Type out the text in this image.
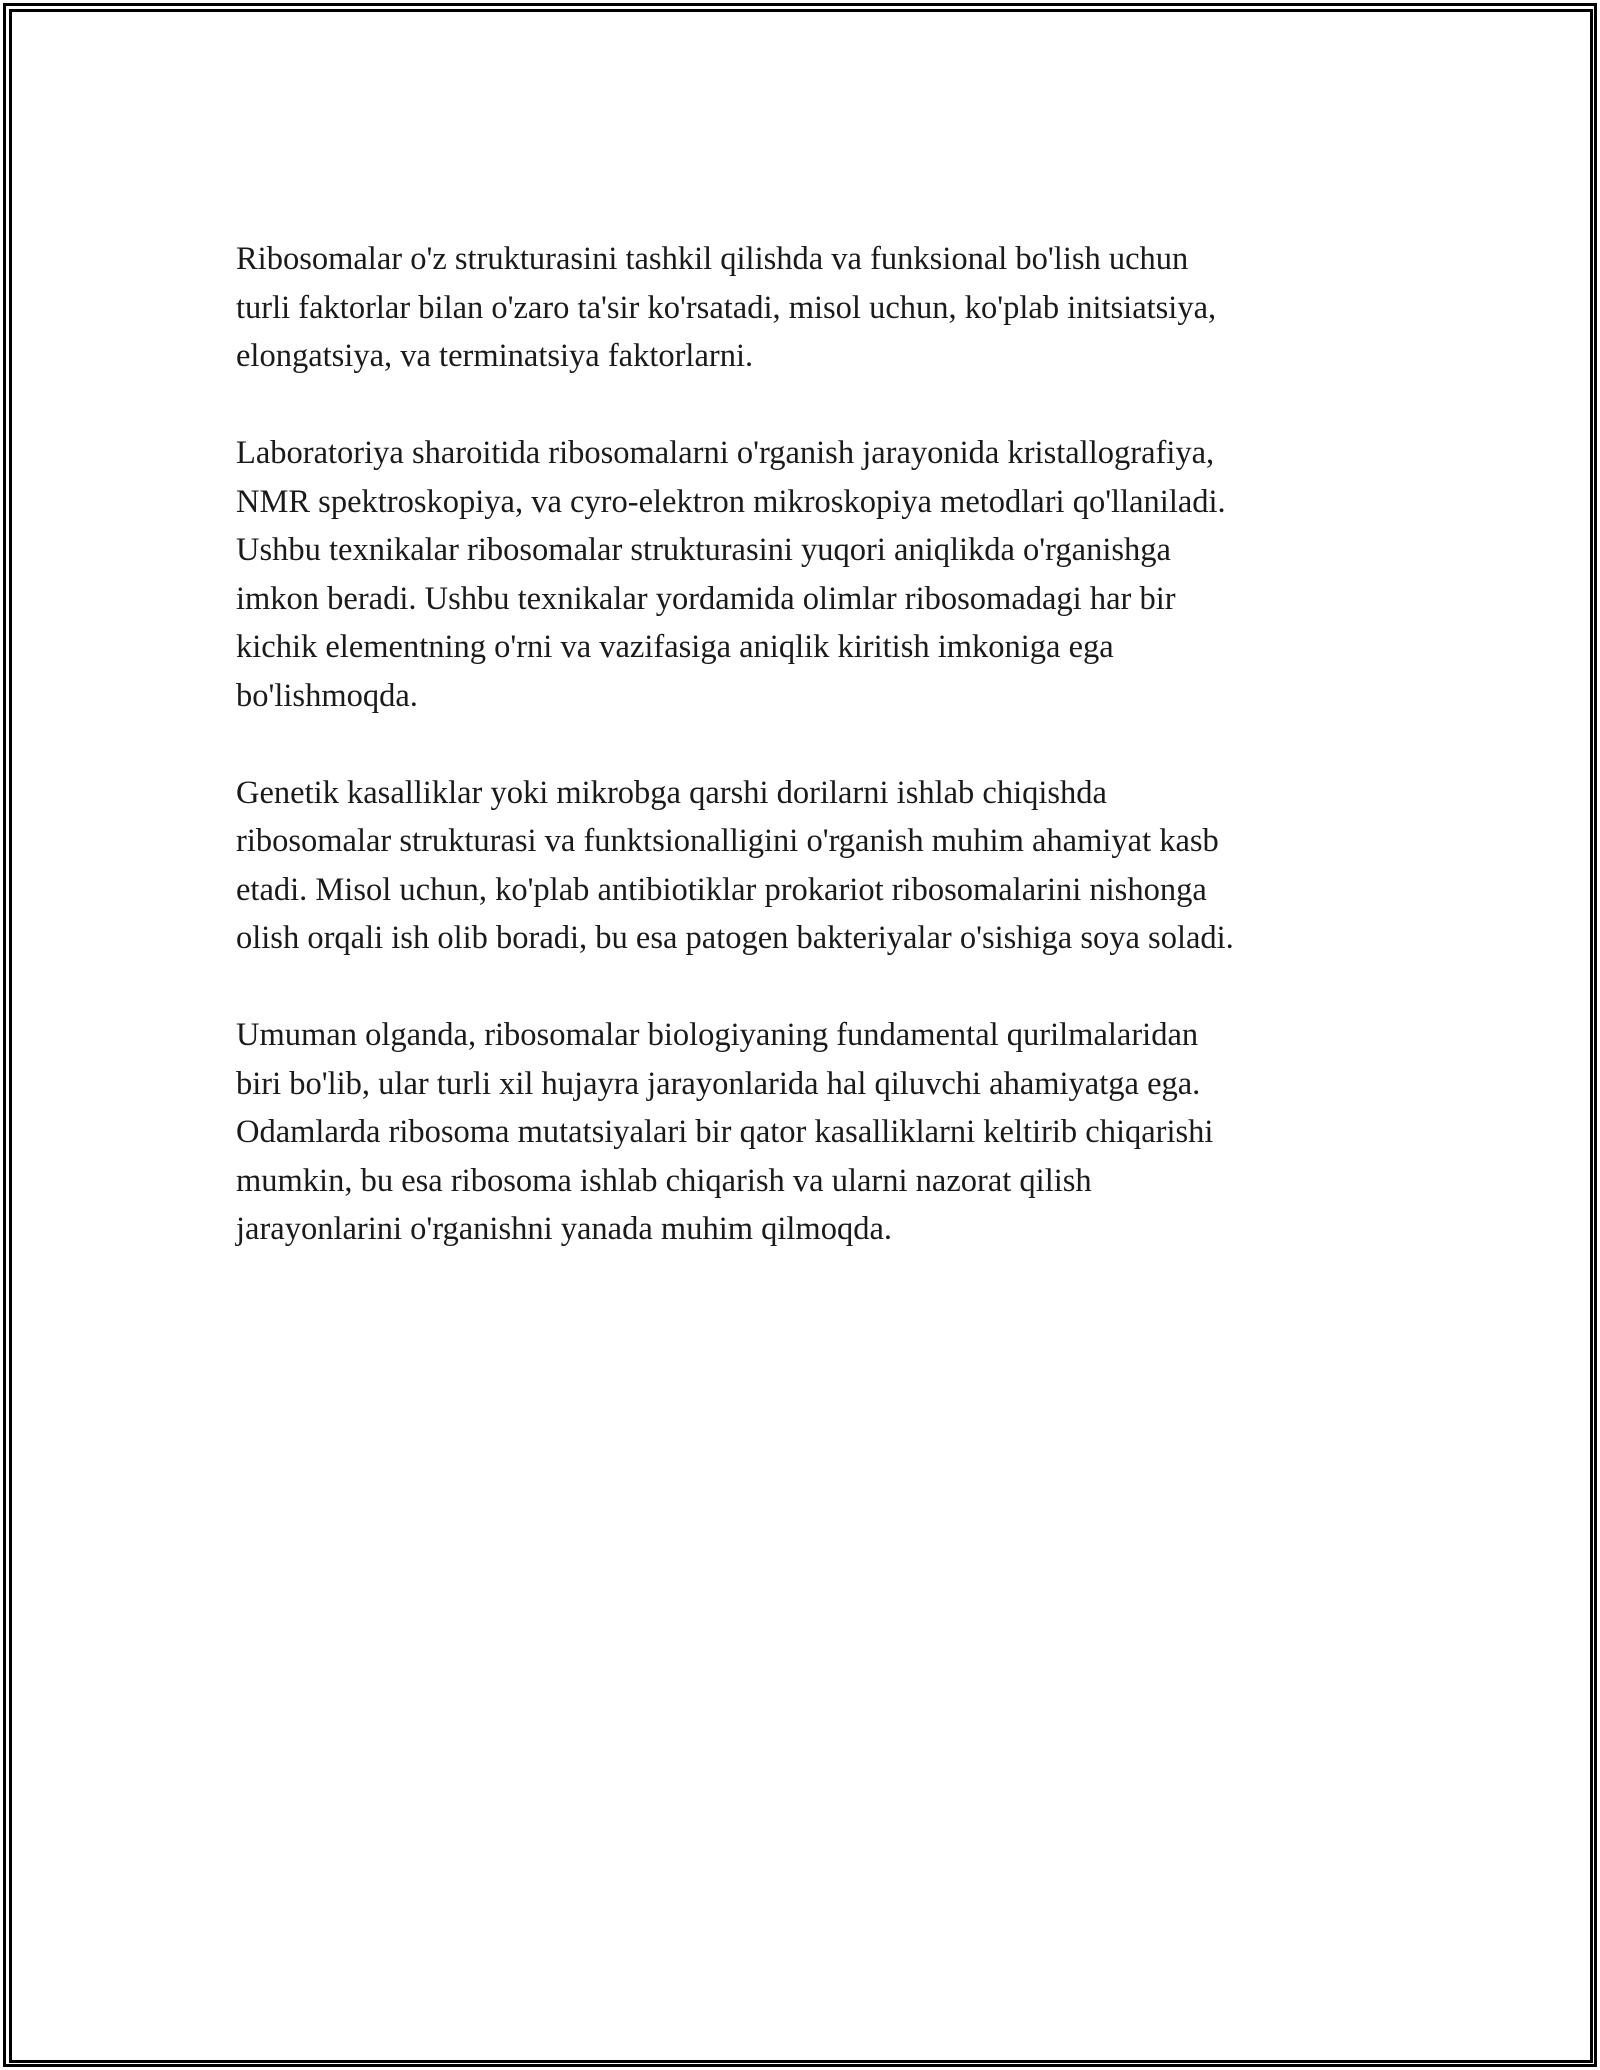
Ribosomalar o'z strukturasini tashkil qilishda va funksional bo'lish uchun
turli faktorlar bilan o'zaro ta'sir ko'rsatadi, misol uchun, ko'plab initsiatsiya,
elongatsiya, va terminatsiya faktorlarni.

Laboratoriya sharoitida ribosomalarni o'rganish jarayonida kristallografiya,
NMR spektroskopiya, va cyro-elektron mikroskopiya metodlari qo'llaniladi.
Ushbu texnikalar ribosomalar strukturasini yuqori aniqlikda o'rganishga
imkon beradi. Ushbu texnikalar yordamida olimlar ribosomadagi har bir
kichik elementning o'rni va vazifasiga aniqlik kiritish imkoniga ega
bo'lishmoqda.

Genetik kasalliklar yoki mikrobga qarshi dorilarni ishlab chiqishda
ribosomalar strukturasi va funktsionalligini o'rganish muhim ahamiyat kasb
etadi. Misol uchun, ko'plab antibiotiklar prokariot ribosomalarini nishonga
olish orqali ish olib boradi, bu esa patogen bakteriyalar o'sishiga soya soladi.

Umuman olganda, ribosomalar biologiyaning fundamental qurilmalaridan
biri bo'lib, ular turli xil hujayra jarayonlarida hal qiluvchi ahamiyatga ega.
Odamlarda ribosoma mutatsiyalari bir qator kasalliklarni keltirib chiqarishi
mumkin, bu esa ribosoma ishlab chiqarish va ularni nazorat qilish
jarayonlarini o'rganishni yanada muhim qilmoqda.
